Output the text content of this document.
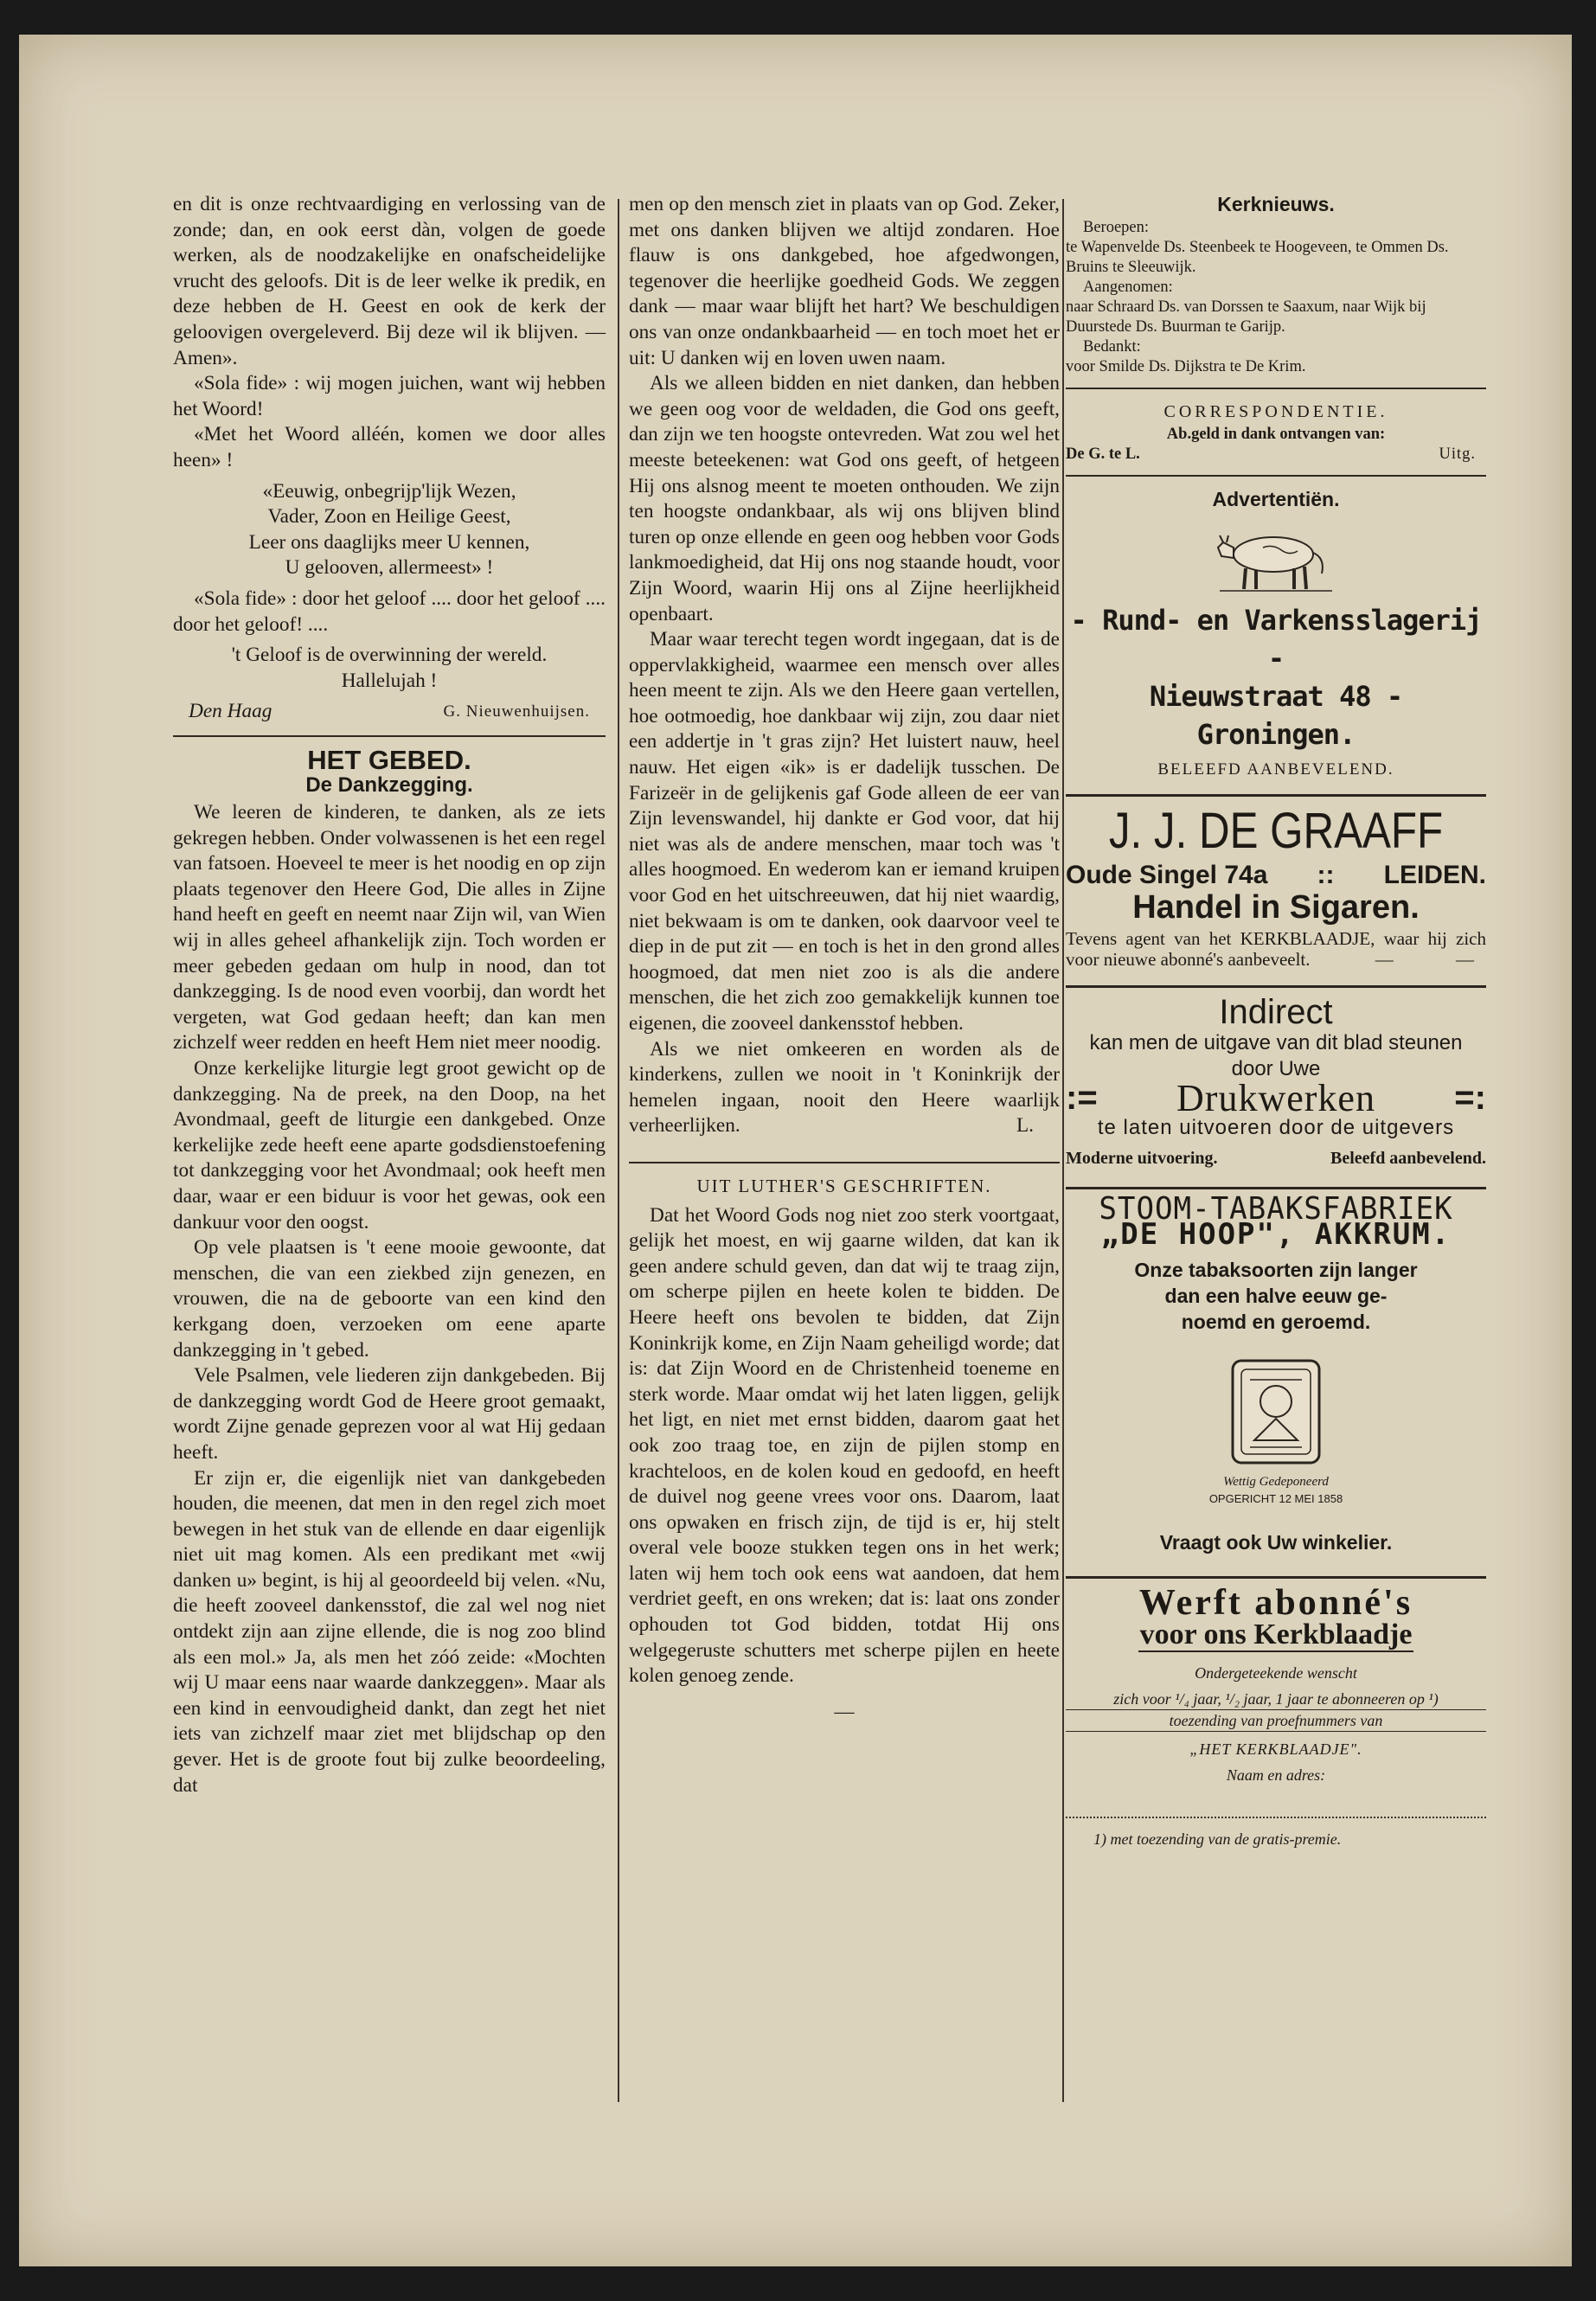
en dit is onze rechtvaardiging en verlossing van de zonde; dan, en ook eerst dàn, volgen de goede werken, als de noodzakelijke en onafscheidelijke vrucht des geloofs. Dit is de leer welke ik predik, en deze hebben de H. Geest en ook de kerk der geloovigen overgeleverd. Bij deze wil ik blijven. — Amen».

«Sola fide» : wij mogen juichen, want wij hebben het Woord!

«Met het Woord alléén, komen we door alles heen» !

«Eeuwig, onbegrijp'lijk Wezen,
Vader, Zoon en Heilige Geest,
Leer ons daaglijks meer U kennen,
U gelooven, allermeest» !

«Sola fide» : door het geloof .... door het geloof .... door het geloof! ....

't Geloof is de overwinning der wereld.
Hallelujah !
Den Haag	G. Nieuwenhuijsen.
HET GEBED.
De Dankzegging.

We leeren de kinderen, te danken, als ze iets gekregen hebben. Onder volwassenen is het een regel van fatsoen. Hoeveel te meer is het noodig en op zijn plaats tegenover den Heere God, Die alles in Zijne hand heeft en geeft en neemt naar Zijn wil, van Wien wij in alles geheel afhankelijk zijn. Toch worden er meer gebeden gedaan om hulp in nood, dan tot dankzegging. Is de nood even voorbij, dan wordt het vergeten, wat God gedaan heeft; dan kan men zichzelf weer redden en heeft Hem niet meer noodig.

Onze kerkelijke liturgie legt groot gewicht op de dankzegging. Na de preek, na den Doop, na het Avondmaal, geeft de liturgie een dankgebed. Onze kerkelijke zede heeft eene aparte godsdienstoefening tot dankzegging voor het Avondmaal; ook heeft men daar, waar er een biduur is voor het gewas, ook een dankuur voor den oogst.

Op vele plaatsen is 't eene mooie gewoonte, dat menschen, die van een ziekbed zijn genezen, en vrouwen, die na de geboorte van een kind den kerkgang doen, verzoeken om eene aparte dankzegging in 't gebed.

Vele Psalmen, vele liederen zijn dankgebeden. Bij de dankzegging wordt God de Heere groot gemaakt, wordt Zijne genade geprezen voor al wat Hij gedaan heeft.

Er zijn er, die eigenlijk niet van dankgebeden houden, die meenen, dat men in den regel zich moet bewegen in het stuk van de ellende en daar eigenlijk niet uit mag komen. Als een predikant met «wij danken u» begint, is hij al geoordeeld bij velen. «Nu, die heeft zooveel dankensstof, die zal wel nog niet ontdekt zijn aan zijne ellende, die is nog zoo blind als een mol.» Ja, als men het zóó zeide: «Mochten wij U maar eens naar waarde dankzeggen». Maar als een kind in eenvoudigheid dankt, dan zegt het niet iets van zichzelf maar ziet met blijdschap op den gever. Het is de groote fout bij zulke beoordeeling, dat

men op den mensch ziet in plaats van op God. Zeker, met ons danken blijven we altijd zondaren. Hoe flauw is ons dankgebed, hoe afgedwongen, tegenover die heerlijke goedheid Gods. We zeggen dank — maar waar blijft het hart? We beschuldigen ons van onze ondankbaarheid — en toch moet het er uit: U danken wij en loven uwen naam.

Als we alleen bidden en niet danken, dan hebben we geen oog voor de weldaden, die God ons geeft, dan zijn we ten hoogste ontevreden. Wat zou wel het meeste beteekenen: wat God ons geeft, of hetgeen Hij ons alsnog meent te moeten onthouden. We zijn ten hoogste ondankbaar, als wij ons blijven blind turen op onze ellende en geen oog hebben voor Gods lankmoedigheid, dat Hij ons nog staande houdt, voor Zijn Woord, waarin Hij ons al Zijne heerlijkheid openbaart.

Maar waar terecht tegen wordt ingegaan, dat is de oppervlakkigheid, waarmee een mensch over alles heen meent te zijn. Als we den Heere gaan vertellen, hoe ootmoedig, hoe dankbaar wij zijn, zou daar niet een addertje in 't gras zijn? Het luistert nauw, heel nauw. Het eigen «ik» is er dadelijk tusschen. De Farizeër in de gelijkenis gaf Gode alleen de eer van Zijn levenswandel, hij dankte er God voor, dat hij niet was als de andere menschen, maar toch was 't alles hoogmoed. En wederom kan er iemand kruipen voor God en het uitschreeuwen, dat hij niet waardig, niet bekwaam is om te danken, ook daarvoor veel te diep in de put zit — en toch is het in den grond alles hoogmoed, dat men niet zoo is als die andere menschen, die het zich zoo gemakkelijk kunnen toe eigenen, die zooveel dankensstof hebben.

Als we niet omkeeren en worden als de kinderkens, zullen we nooit in 't Koninkrijk der hemelen ingaan, nooit den Heere waarlijk verheerlijken.	L.

UIT LUTHER'S GESCHRIFTEN.

Dat het Woord Gods nog niet zoo sterk voortgaat, gelijk het moest, en wij gaarne wilden, dat kan ik geen andere schuld geven, dan dat wij te traag zijn, om scherpe pijlen en heete kolen te bidden. De Heere heeft ons bevolen te bidden, dat Zijn Koninkrijk kome, en Zijn Naam geheiligd worde; dat is: dat Zijn Woord en de Christenheid toeneme en sterk worde. Maar omdat wij het laten liggen, gelijk het ligt, en niet met ernst bidden, daarom gaat het ook zoo traag toe, en zijn de pijlen stomp en krachteloos, en de kolen koud en gedoofd, en heeft de duivel nog geene vrees voor ons. Daarom, laat ons opwaken en frisch zijn, de tijd is er, hij stelt overal vele booze stukken tegen ons in het werk; laten wij hem toch ook eens wat aandoen, dat hem verdriet geeft, en ons wreken; dat is: laat ons zonder ophouden tot God bidden, totdat Hij ons welgegeruste schutters met scherpe pijlen en heete kolen genoeg zende.

—
Kerknieuws.
Beroepen:
te Wapenvelde Ds. Steenbeek te Hoogeveen, te Ommen Ds. Bruins te Sleeuwijk.
Aangenomen:
naar Schraard Ds. van Dorssen te Saaxum, naar Wijk bij Duurstede Ds. Buurman te Garijp.
Bedankt:
voor Smilde Ds. Dijkstra te De Krim.
CORRESPONDENTIE.
Ab.geld in dank ontvangen van:
De G. te L.	Uitg.
Advertentiën.
- Rund- en Varkensslagerij -
Nieuwstraat 48 - Groningen.
BELEEFD AANBEVELEND.
J. J. DE GRAAFF
Oude Singel 74a :: LEIDEN.
Handel in Sigaren.
Tevens agent van het KERKBLAADJE, waar hij zich voor nieuwe abonné's aanbeveelt.	—	—
Indirect
kan men de uitgave van dit blad steunen
door Uwe
:= Drukwerken =:
te laten uitvoeren door de uitgevers
Moderne uitvoering.	Beleefd aanbevelend.
STOOM-TABAKSFABRIEK
„DE HOOP", AKKRUM.
Onze tabaksoorten zijn langer
dan een halve eeuw ge-
noemd en geroemd.
Wettig Gedeponeerd
OPGERICHT 12 MEI 1858
Vraagt ook Uw winkelier.
Werft abonné's
voor ons Kerkblaadje
Ondergeteekende wenscht
zich voor ¹/₄ jaar, ¹/₂ jaar, 1 jaar te abonneeren op ¹)
toezending van proefnummers van
„HET KERKBLAADJE".
Naam en adres:
1) met toezending van de gratis-premie.
